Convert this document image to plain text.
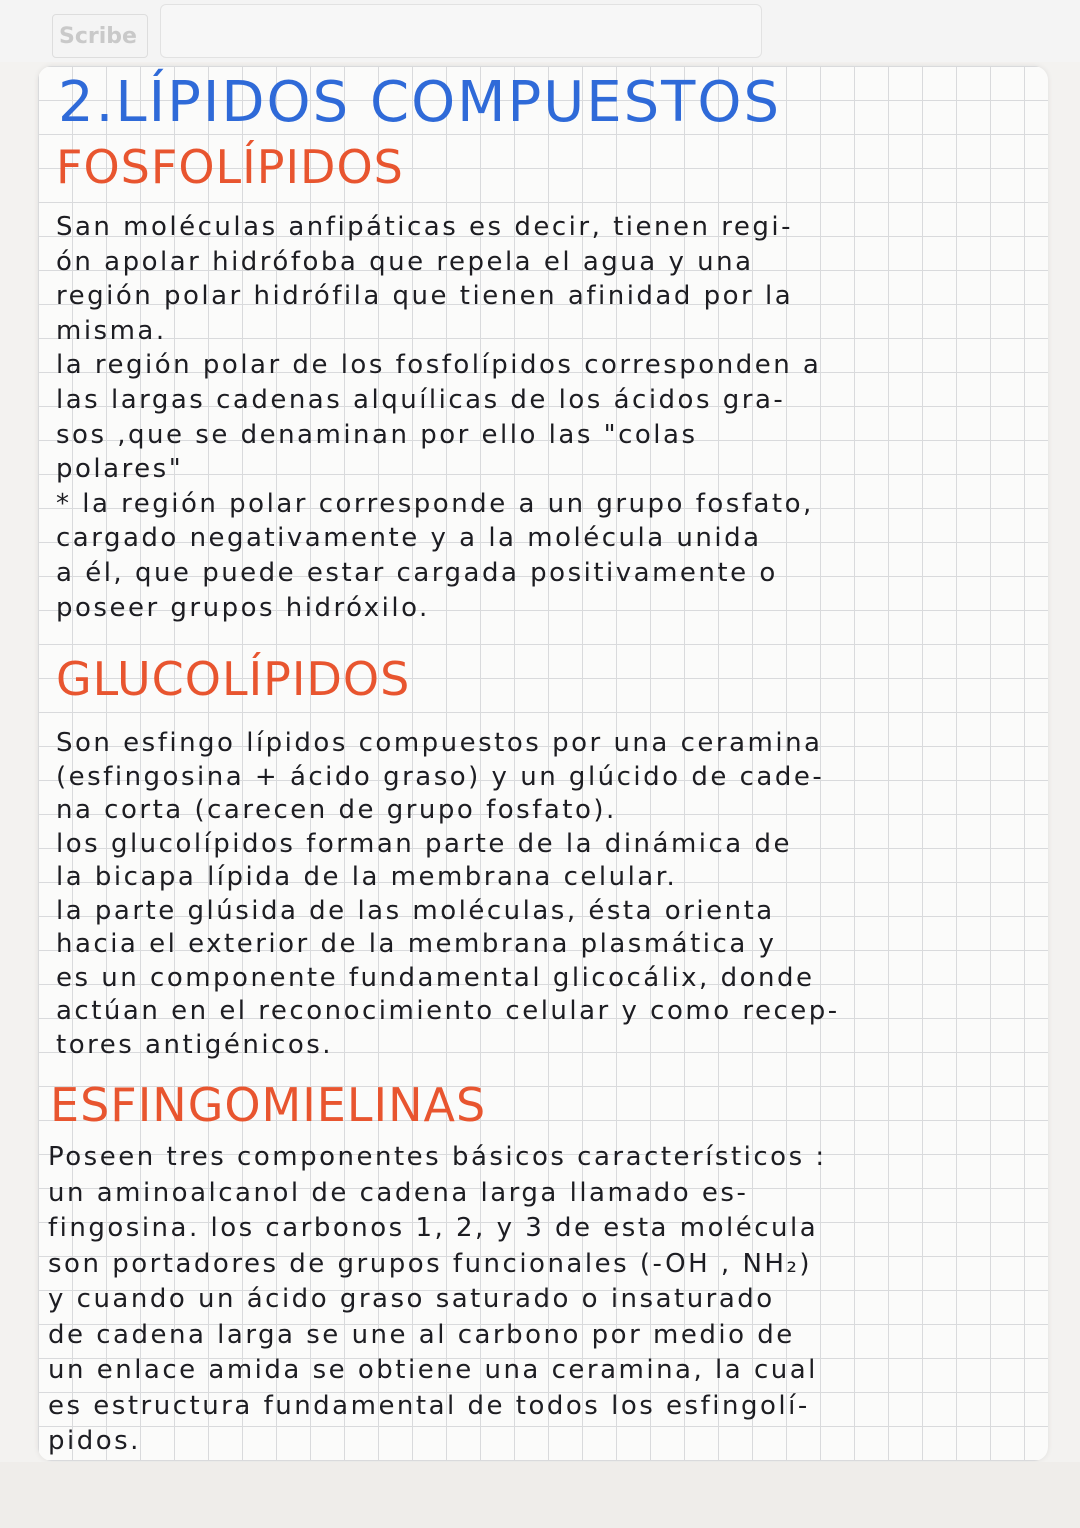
Scribe
2.LÍPIDOS COMPUESTOS
FOSFOLÍPIDOS
San moléculas anfipáticas es decir, tienen regi-
ón apolar hidrófoba que repela el agua y una
región polar hidrófila que tienen afinidad por la
misma.
la región polar de los fosfolípidos corresponden a
las largas cadenas alquílicas de los ácidos gra-
sos ,que se denaminan por ello las "colas
polares"
* la región polar corresponde a un grupo fosfato,
cargado negativamente y a la molécula unida
a él, que puede estar cargada positivamente o
poseer grupos hidróxilo.
GLUCOLÍPIDOS
Son esfingo lípidos compuestos por una ceramina
(esfingosina + ácido graso) y un glúcido de cade-
na corta (carecen de grupo fosfato).
los glucolípidos forman parte de la dinámica de
la bicapa lípida de la membrana celular.
la parte glúsida de las moléculas, ésta orienta
hacia el exterior de la membrana plasmática y
es un componente fundamental glicocálix, donde
actúan en el reconocimiento celular y como recep-
tores antigénicos.
ESFINGOMIELINAS
Poseen tres componentes básicos característicos :
un aminoalcanol de cadena larga llamado es-
fingosina. los carbonos 1, 2, y 3 de esta molécula
son portadores de grupos funcionales (-OH , NH₂)
y cuando un ácido graso saturado o insaturado
de cadena larga se une al carbono por medio de
un enlace amida se obtiene una ceramina, la cual
es estructura fundamental de todos los esfingolí-
pidos.
